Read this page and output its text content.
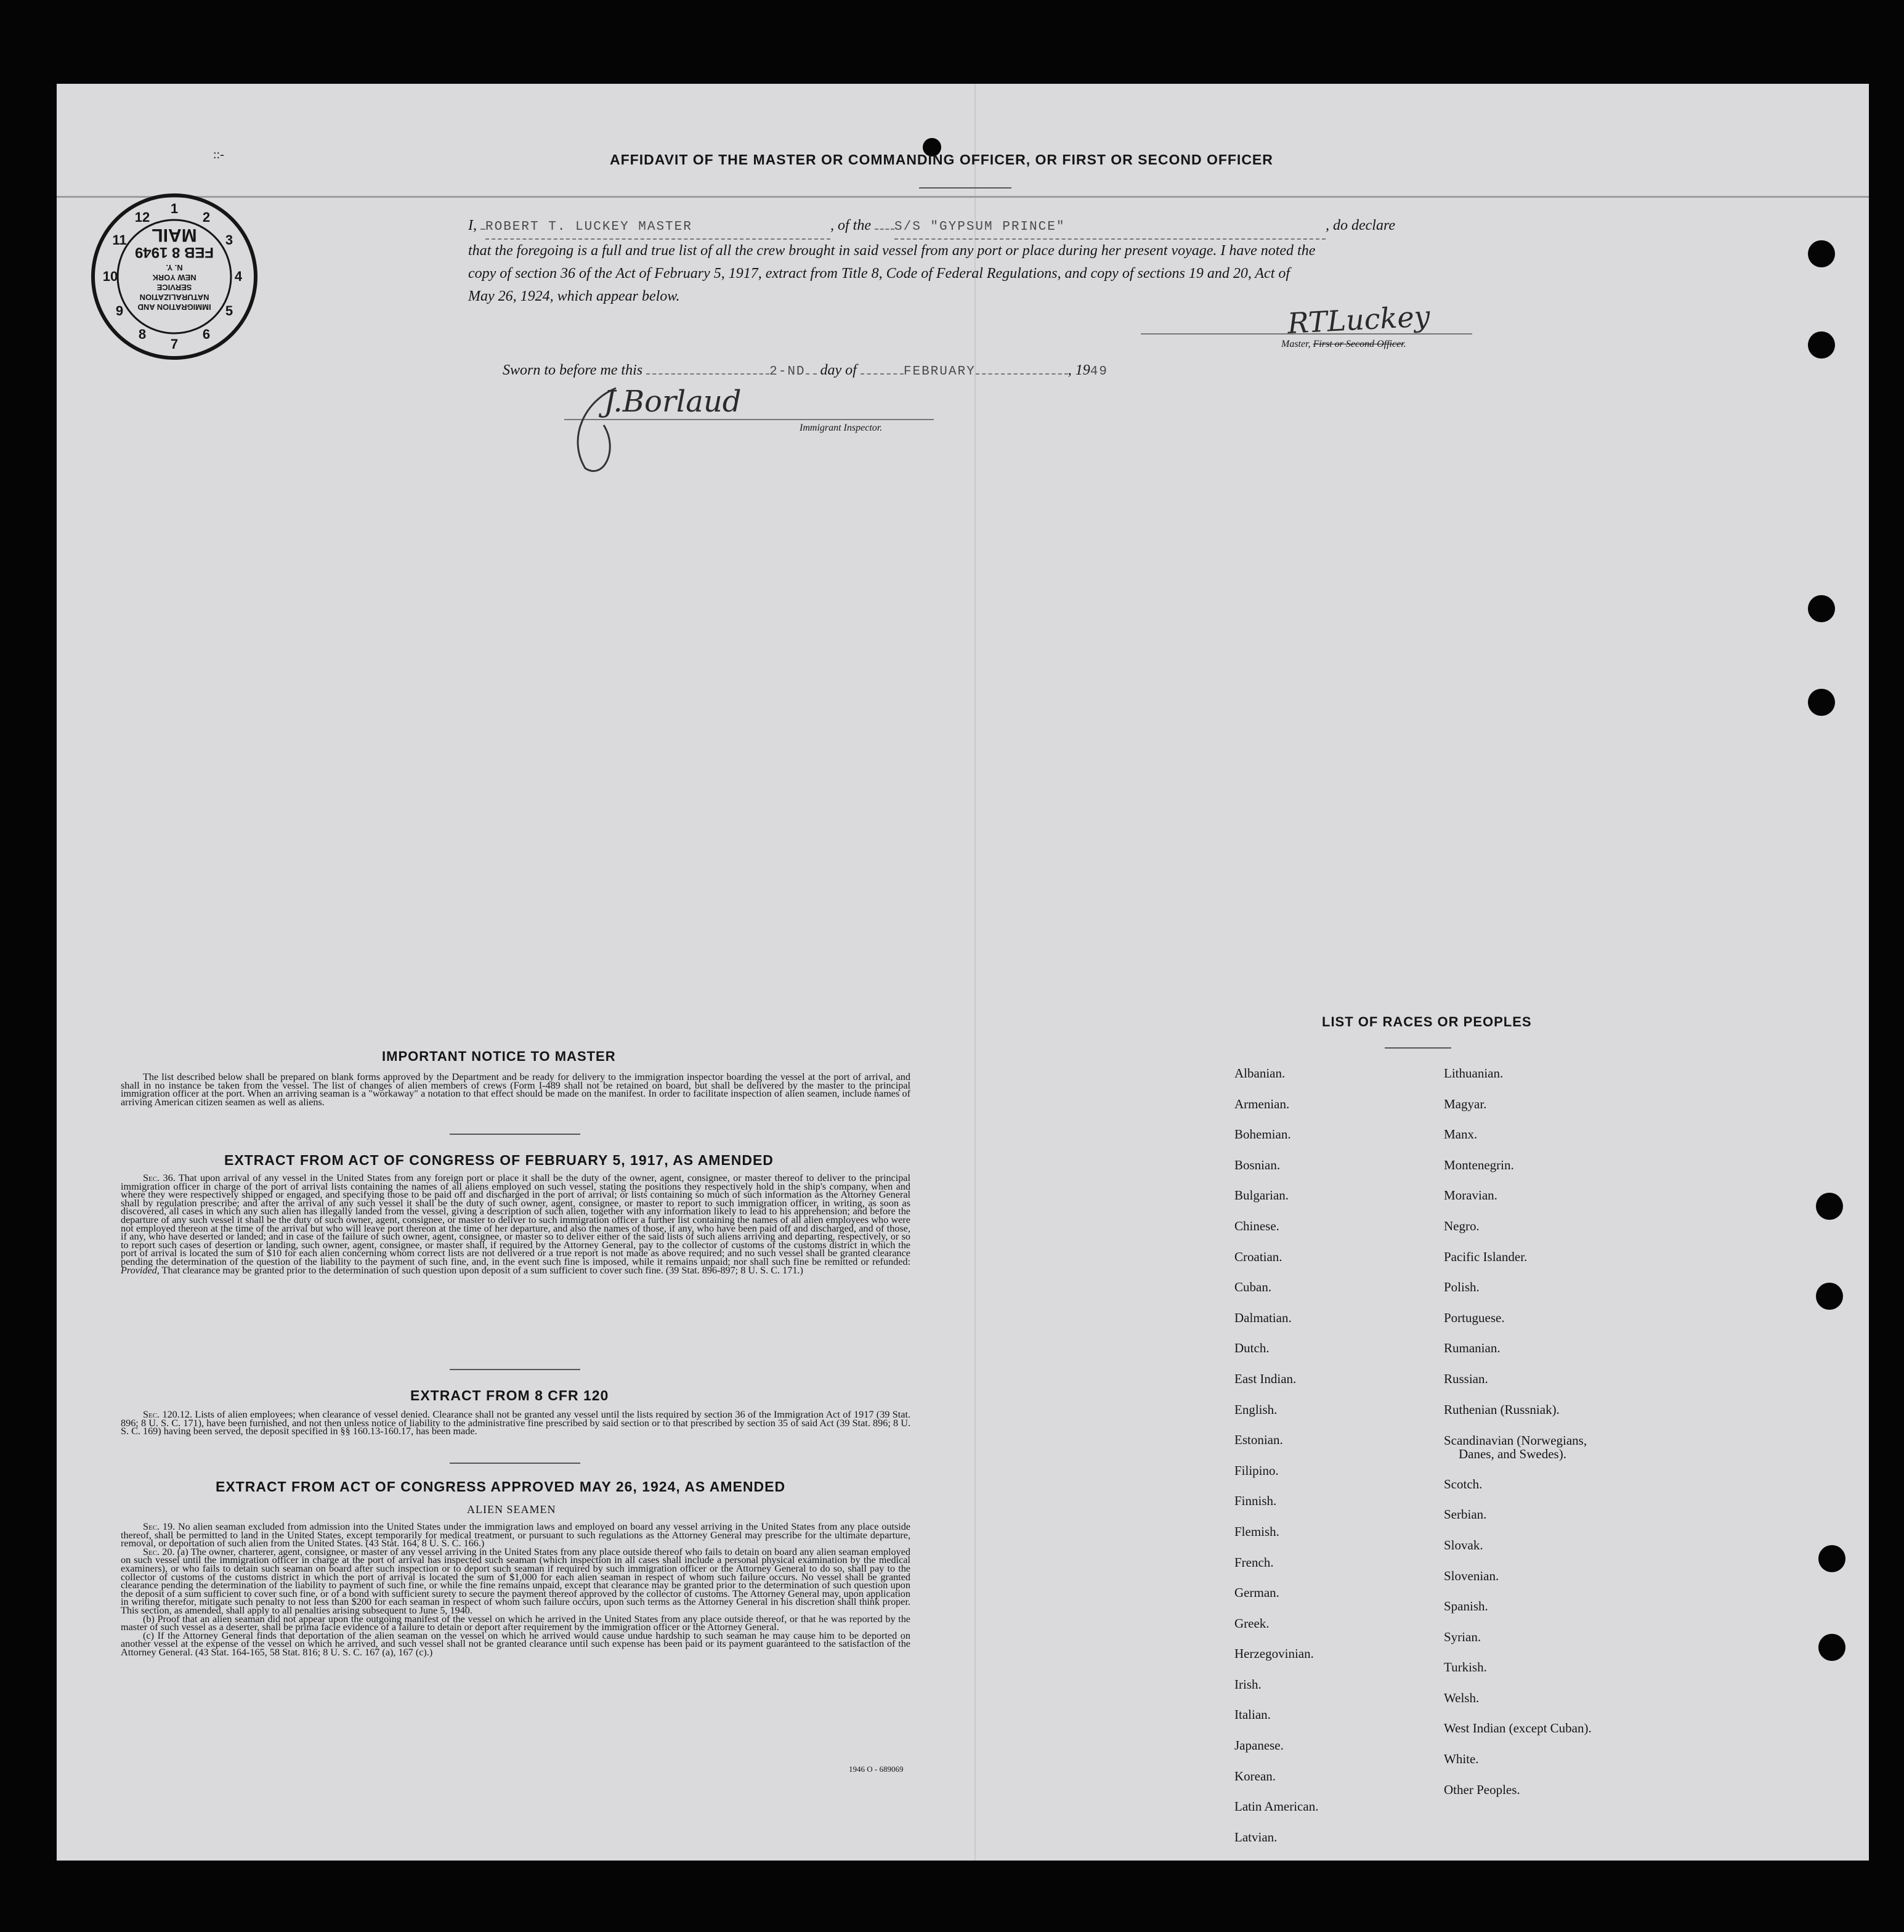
::-	AFFIDAVIT OF THE MASTER OR COMMANDING OFFICER, OR FIRST OR SECOND OFFICER

1
2
3
4
5
6
7
8
9
10
11
12
IMMIGRATION AND
NATURALIZATION
SERVICE
NEW YORK
N. Y.
FEB 8 1949
MAIL	I, ROBERT T. LUCKEY MASTER	, of the S/S "GYPSUM PRINCE"	, do declare

that the foregoing is a full and true list of all the crew brought in said vessel from any port or place during her present voyage. I have noted the

copy of section 36 of the Act of February 5, 1917, extract from Title 8, Code of Federal Regulations, and copy of sections 19 and 20, Act of

May 26, 1924, which appear below.

RTLuckey

Master, First or Second Officer.

Sworn to before me this	2-ND day of	FEBRUARY	, 1949

J.Borlaud

Immigrant Inspector.

IMPORTANT NOTICE TO MASTER

The list described below shall be prepared on blank forms approved by the Department and be ready for delivery to the immigration inspector boarding the vessel at the port of arrival, and shall in no instance be taken from the vessel. The list of changes of alien members of crews (Form I-489 shall not be retained on board, but shall be delivered by the master to the principal immigration officer at the port. When an arriving seaman is a "workaway" a notation to that effect should be made on the manifest. In order to facilitate inspection of alien seamen, include names of arriving American citizen seamen as well as aliens.

EXTRACT FROM ACT OF CONGRESS OF FEBRUARY 5, 1917, AS AMENDED

Sec. 36. That upon arrival of any vessel in the United States from any foreign port or place it shall be the duty of the owner, agent, consignee, or master thereof to deliver to the principal immigration officer in charge of the port of arrival lists containing the names of all aliens employed on such vessel, stating the positions they respectively hold in the ship's company, when and where they were respectively shipped or engaged, and specifying those to be paid off and discharged in the port of arrival; or lists containing so much of such information as the Attorney General shall by regulation prescribe; and after the arrival of any such vessel it shall be the duty of such owner, agent, consignee, or master to report to such immigration officer, in writing, as soon as discovered, all cases in which any such alien has illegally landed from the vessel, giving a description of such alien, together with any information likely to lead to his apprehension; and before the departure of any such vessel it shall be the duty of such owner, agent, consignee, or master to deliver to such immigration officer a further list containing the names of all alien employees who were not employed thereon at the time of the arrival but who will leave port thereon at the time of her departure, and also the names of those, if any, who have been paid off and discharged, and of those, if any, who have deserted or landed; and in case of the failure of such owner, agent, consignee, or master so to deliver either of the said lists of such aliens arriving and departing, respectively, or so to report such cases of desertion or landing, such owner, agent, consignee, or master shall, if required by the Attorney General, pay to the collector of customs of the customs district in which the port of arrival is located the sum of $10 for each alien concerning whom correct lists are not delivered or a true report is not made as above required; and no such vessel shall be granted clearance pending the determination of the question of the liability to the payment of such fine, and, in the event such fine is imposed, while it remains unpaid; nor shall such fine be remitted or refunded: Provided, That clearance may be granted prior to the determination of such question upon deposit of a sum sufficient to cover such fine. (39 Stat. 896-897; 8 U. S. C. 171.)

EXTRACT FROM 8 CFR 120

Sec. 120.12. Lists of alien employees; when clearance of vessel denied. Clearance shall not be granted any vessel until the lists required by section 36 of the Immigration Act of 1917 (39 Stat. 896; 8 U. S. C. 171), have been furnished, and not then unless notice of liability to the administrative fine prescribed by said section or to that prescribed by section 35 of said Act (39 Stat. 896; 8 U. S. C. 169) having been served, the deposit specified in §§ 160.13-160.17, has been made.

EXTRACT FROM ACT OF CONGRESS APPROVED MAY 26, 1924, AS AMENDED

ALIEN SEAMEN

Sec. 19. No alien seaman excluded from admission into the United States under the immigration laws and employed on board any vessel arriving in the United States from any place outside thereof, shall be permitted to land in the United States, except temporarily for medical treatment, or pursuant to such regulations as the Attorney General may prescribe for the ultimate departure, removal, or deportation of such alien from the United States. (43 Stat. 164, 8 U. S. C. 166.)

Sec. 20. (a) The owner, charterer, agent, consignee, or master of any vessel arriving in the United States from any place outside thereof who fails to detain on board any alien seaman employed on such vessel until the immigration officer in charge at the port of arrival has inspected such seaman (which inspection in all cases shall include a personal physical examination by the medical examiners), or who fails to detain such seaman on board after such inspection or to deport such seaman if required by such immigration officer or the Attorney General to do so, shall pay to the collector of customs of the customs district in which the port of arrival is located the sum of $1,000 for each alien seaman in respect of whom such failure occurs. No vessel shall be granted clearance pending the determination of the liability to payment of such fine, or while the fine remains unpaid, except that clearance may be granted prior to the determination of such question upon the deposit of a sum sufficient to cover such fine, or of a bond with sufficient surety to secure the payment thereof approved by the collector of customs. The Attorney General may, upon application in writing therefor, mitigate such penalty to not less than $200 for each seaman in respect of whom such failure occurs, upon such terms as the Attorney General in his discretion shall think proper. This section, as amended, shall apply to all penalties arising subsequent to June 5, 1940.

(b) Proof that an alien seaman did not appear upon the outgoing manifest of the vessel on which he arrived in the United States from any place outside thereof, or that he was reported by the master of such vessel as a deserter, shall be prima facie evidence of a failure to detain or deport after requirement by the immigration officer or the Attorney General.

(c) If the Attorney General finds that deportation of the alien seaman on the vessel on which he arrived would cause undue hardship to such seaman he may cause him to be deported on another vessel at the expense of the vessel on which he arrived, and such vessel shall not be granted clearance until such expense has been paid or its payment guaranteed to the satisfaction of the Attorney General. (43 Stat. 164-165, 58 Stat. 816; 8 U. S. C. 167 (a), 167 (c).)

1946 O - 689069

LIST OF RACES OR PEOPLES

Albanian.
Armenian.
Bohemian.
Bosnian.
Bulgarian.
Chinese.
Croatian.
Cuban.
Dalmatian.
Dutch.
East Indian.
English.
Estonian.
Filipino.
Finnish.
Flemish.
French.
German.
Greek.
Herzegovinian.
Irish.
Italian.
Japanese.
Korean.
Latin American.
Latvian.
Lithuanian.
Magyar.
Manx.
Montenegrin.
Moravian.
Negro.
Pacific Islander.
Polish.
Portuguese.
Rumanian.
Russian.
Ruthenian (Russniak).
Scandinavian (Norwegians,
Danes, and Swedes).
Scotch.
Serbian.
Slovak.
Slovenian.
Spanish.
Syrian.
Turkish.
Welsh.
West Indian (except Cuban).
White.
Other Peoples.
